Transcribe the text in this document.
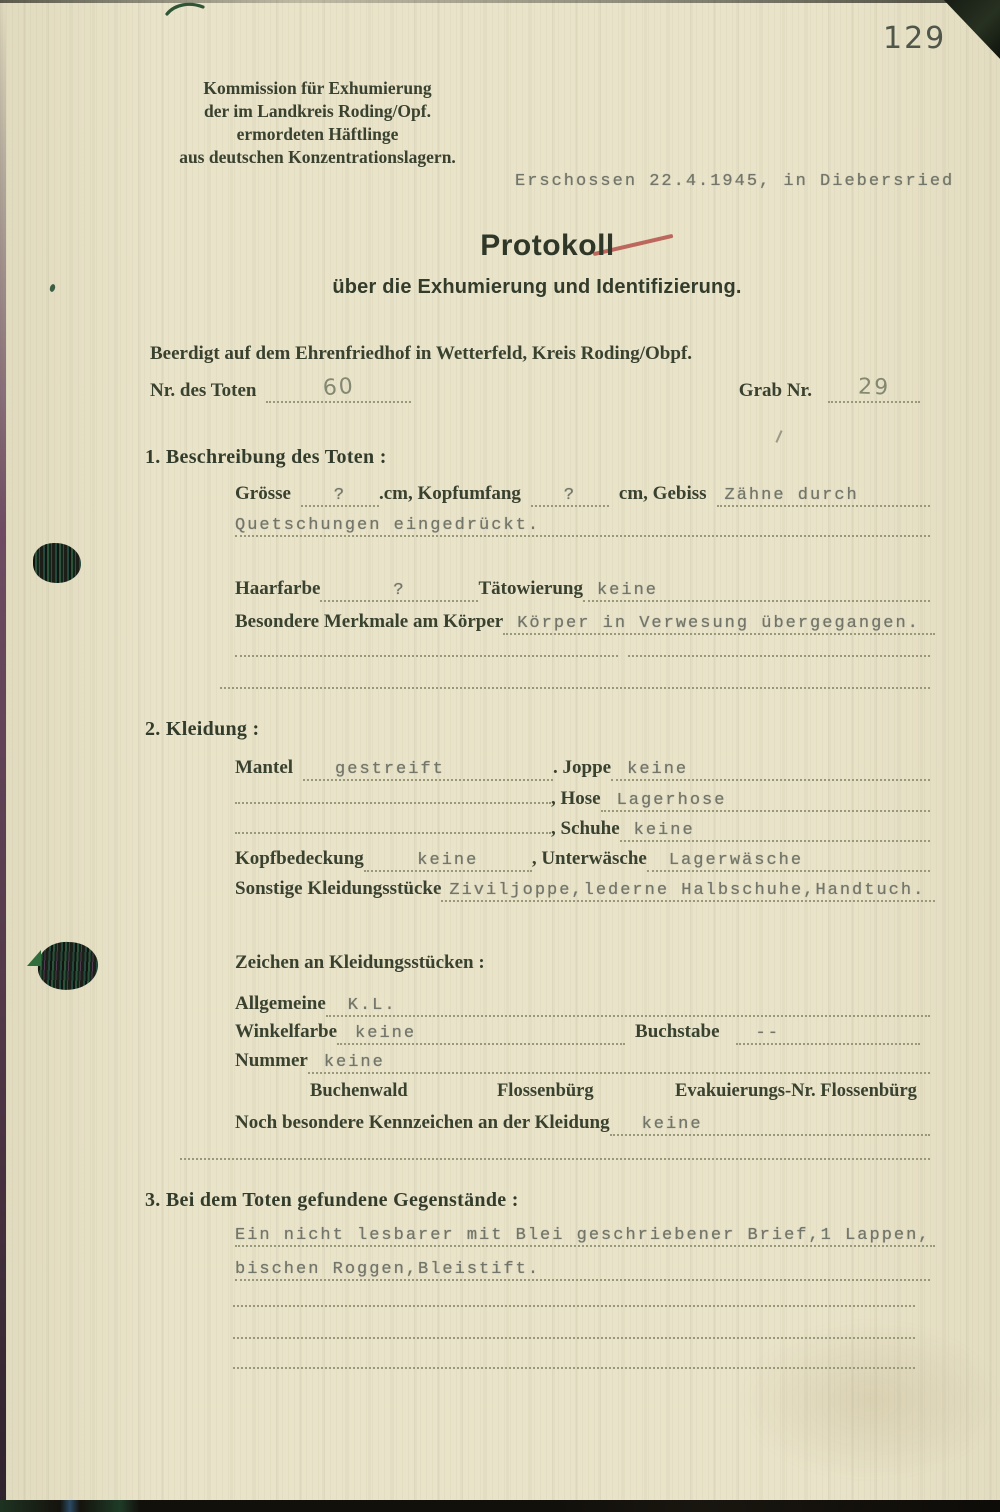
129
Kommission für Exhumierung
der im Landkreis Roding/Opf.
ermordeten Häftlinge
aus deutschen Konzentrationslagern.
Erschossen 22.4.1945, in Diebersried
Protokoll
über die Exhumierung und Identifizierung.
Beerdigt auf dem Ehrenfriedhof in Wetterfeld, Kreis Roding/Obpf.
Nr. des Toten	60	Grab Nr. 29
1. Beschreibung des Toten :
Grösse	? .cm, Kopfumfang	? cm, Gebiss	Zähne durch
Quetschungen eingedrückt.
Haarfarbe	?	Tätowierung keine
Besondere Merkmale am Körper Körper in Verwesung übergegangen.
2. Kleidung :
Mantel	gestreift	. Joppe keine
, Hose Lagerhose
, Schuhe keine
Kopfbedeckung	keine	, Unterwäsche	Lagerwäsche
Sonstige Kleidungsstücke Ziviljoppe,lederne Halbschuhe,Handtuch.
Zeichen an Kleidungsstücken :
Allgemeine	K.L.
Winkelfarbe	keine	Buchstabe	--
Nummer keine
Buchenwald	Flossenbürg	Evakuierungs-Nr. Flossenbürg
Noch besondere Kennzeichen an der Kleidung	keine
3. Bei dem Toten gefundene Gegenstände :
Ein nicht lesbarer mit Blei geschriebener Brief,1 Lappen,
bischen Roggen,Bleistift.
